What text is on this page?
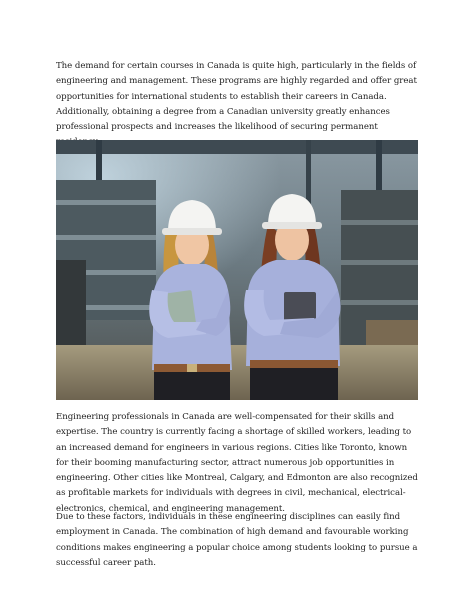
The demand for certain courses in Canada is quite high, particularly in the fields of engineering and management. These programs are highly regarded and offer great opportunities for international students to establish their careers in Canada. Additionally, obtaining a degree from a Canadian university greatly enhances professional prospects and increases the likelihood of securing permanent

Engineering professionals in Canada are well-compensated for their skills and expertise. The country is currently facing a shortage of skilled workers, leading to an increased demand for engineers in various regions. Cities like Toronto, known for their booming manufacturing sector, attract numerous job opportunities in engineering. Other cities like Montreal, Calgary, and Edmonton are also recognized as profitable markets for individuals with degrees in civil, mechanical, electrical-electronics, chemical, and engineering management.

Due to these factors, individuals in these engineering disciplines can easily find employment in Canada. The combination of high demand and favourable working conditions makes engineering a popular choice among students looking to pursue a successful career path.
